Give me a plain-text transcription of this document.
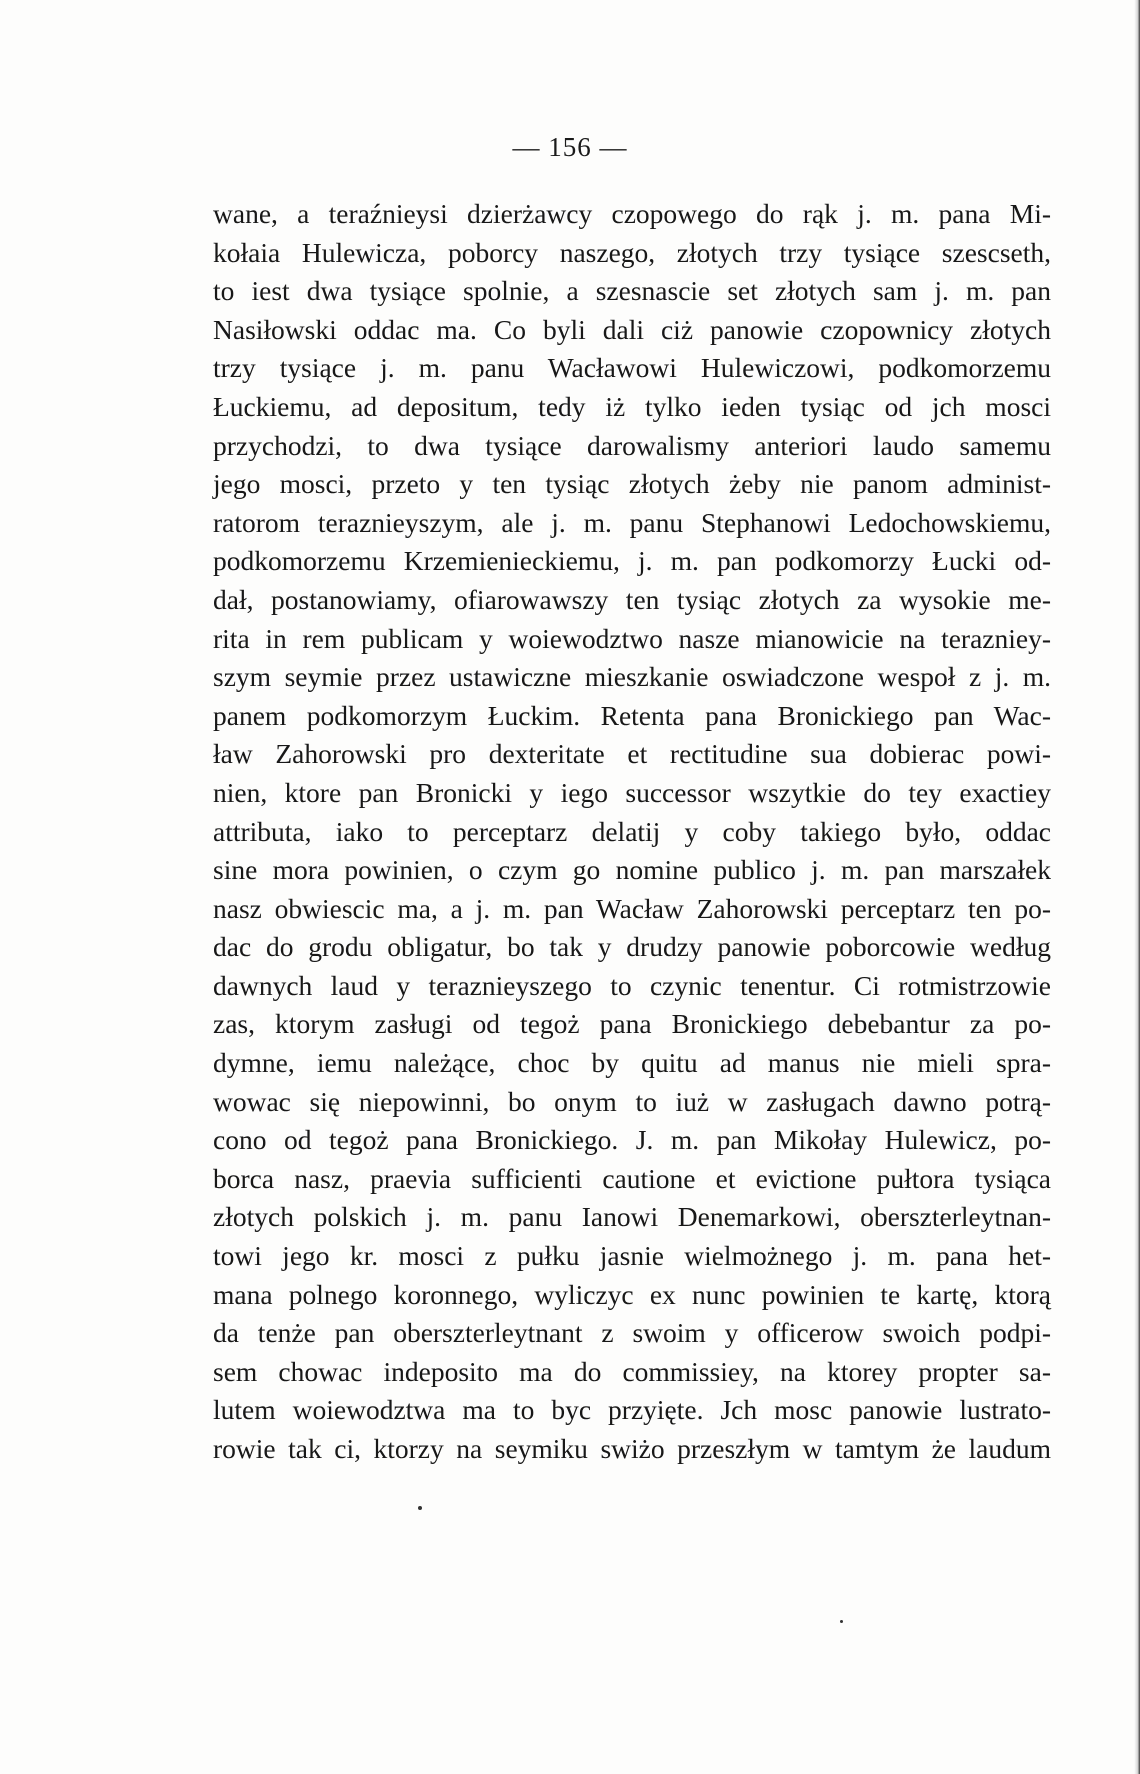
— 156 —
wane, a teraźnieysi dzierżawcy czopowego do rąk j. m. pana Mi-
kołaia Hulewicza, poborcy naszego, złotych trzy tysiące szescseth,
to iest dwa tysiące spolnie, a szesnascie set złotych sam j. m. pan
Nasiłowski oddac ma. Co byli dali ciż panowie czopownicy złotych
trzy tysiące j. m. panu Wacławowi Hulewiczowi, podkomorzemu
Łuckiemu, ad depositum, tedy iż tylko ieden tysiąc od jch mosci
przychodzi, to dwa tysiące darowalismy anteriori laudo samemu
jego mosci, przeto y ten tysiąc złotych żeby nie panom administ-
ratorom teraznieyszym, ale j. m. panu Stephanowi Ledochowskiemu,
podkomorzemu Krzemienieckiemu, j. m. pan podkomorzy Łucki od-
dał, postanowiamy, ofiarowawszy ten tysiąc złotych za wysokie me-
rita in rem publicam y woiewodztwo nasze mianowicie na terazniey-
szym seymie przez ustawiczne mieszkanie oswiadczone wespoł z j. m.
panem podkomorzym Łuckim. Retenta pana Bronickiego pan Wac-
ław Zahorowski pro dexteritate et rectitudine sua dobierac powi-
nien, ktore pan Bronicki y iego successor wszytkie do tey exactiey
attributa, iako to perceptarz delatij y coby takiego było, oddac
sine mora powinien, o czym go nomine publico j. m. pan marszałek
nasz obwiescic ma, a j. m. pan Wacław Zahorowski perceptarz ten po-
dac do grodu obligatur, bo tak y drudzy panowie poborcowie według
dawnych laud y teraznieyszego to czynic tenentur. Ci rotmistrzowie
zas, ktorym zasługi od tegoż pana Bronickiego debebantur za po-
dymne, iemu należące, choc by quitu ad manus nie mieli spra-
wowac się niepowinni, bo onym to iuż w zasługach dawno potrą-
cono od tegoż pana Bronickiego. J. m. pan Mikołay Hulewicz, po-
borca nasz, praevia sufficienti cautione et evictione pułtora tysiąca
złotych polskich j. m. panu Ianowi Denemarkowi, oberszterleytnan-
towi jego kr. mosci z pułku jasnie wielmożnego j. m. pana het-
mana polnego koronnego, wyliczyc ex nunc powinien te kartę, ktorą
da tenże pan oberszterleytnant z swoim y officerow swoich podpi-
sem chowac indeposito ma do commissiey, na ktorey propter sa-
lutem woiewodztwa ma to byc przyięte. Jch mosc panowie lustrato-
rowie tak ci, ktorzy na seymiku swiżo przeszłym w tamtym że laudum
